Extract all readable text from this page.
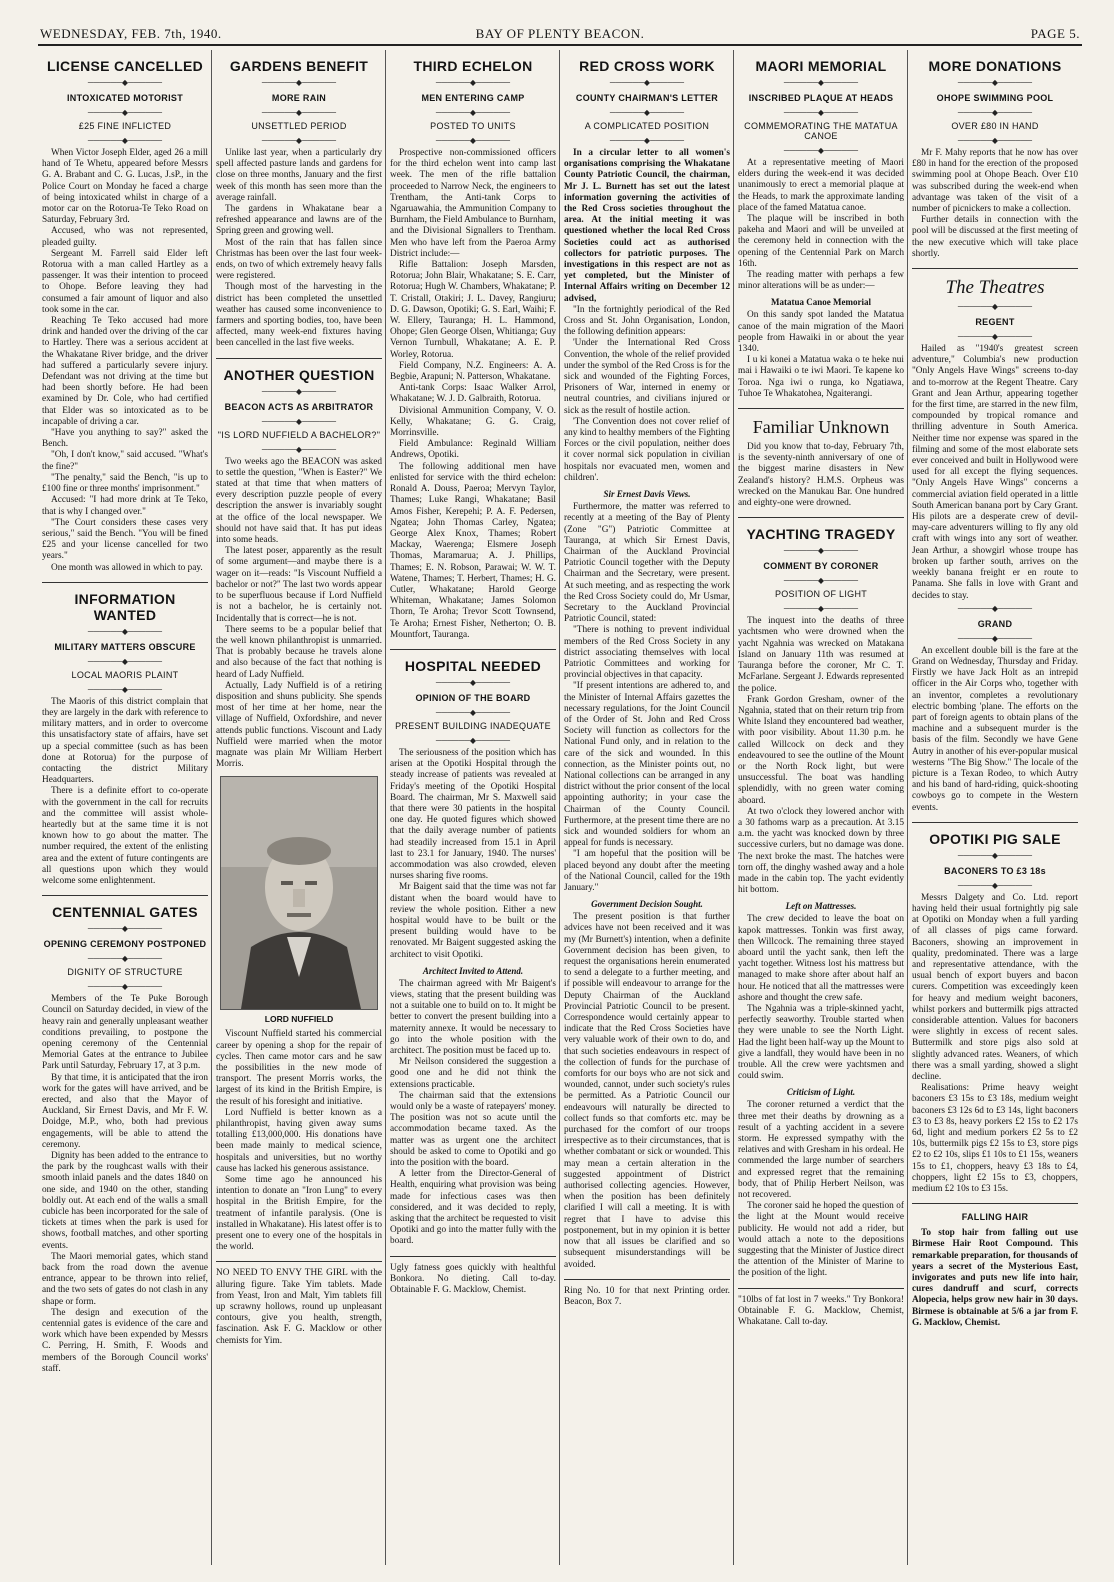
WEDNESDAY, FEB. 7th, 1940.	BAY OF PLENTY BEACON.	PAGE 5.
LICENSE CANCELLED
──────◆──────
INTOXICATED MOTORIST
──────◆──────
£25 FINE INFLICTED
──────◆──────

When Victor Joseph Elder, aged 26 a mill hand of Te Whetu, appeared before Messrs G. A. Brabant and C. G. Lucas, J.sP., in the Police Court on Monday he faced a charge of being intoxicated whilst in charge of a motor car on the Rotorua-Te Teko Road on Saturday, February 3rd.

Accused, who was not represented, pleaded guilty.

Sergeant M. Farrell said Elder left Rotorua with a man called Hartley as a passenger. It was their intention to proceed to Ohope. Before leaving they had consumed a fair amount of liquor and also took some in the car.

Reaching Te Teko accused had more drink and handed over the driving of the car to Hartley. There was a serious accident at the Whakatane River bridge, and the driver had suffered a particularly severe injury. Defendant was not driving at the time but had been shortly before. He had been examined by Dr. Cole, who had certified that Elder was so intoxicated as to be incapable of driving a car.

"Have you anything to say?" asked the Bench.

"Oh, I don't know," said accused. "What's the fine?"

"The penalty," said the Bench, "is up to £100 fine or three months' imprisonment."

Accused: "I had more drink at Te Teko, that is why I changed over."

"The Court considers these cases very serious," said the Bench. "You will be fined £25 and your license cancelled for two years."

One month was allowed in which to pay.

INFORMATION WANTED
──────◆──────
MILITARY MATTERS OBSCURE
──────◆──────
LOCAL MAORIS PLAINT
──────◆──────

The Maoris of this district complain that they are largely in the dark with reference to military matters, and in order to overcome this unsatisfactory state of affairs, have set up a special committee (such as has been done at Rotorua) for the purpose of contacting the district Military Headquarters.

There is a definite effort to co-operate with the government in the call for recruits and the committee will assist whole-heartedly but at the same time it is not known how to go about the matter. The number required, the extent of the enlisting area and the extent of future contingents are all questions upon which they would welcome some enlightenment.

CENTENNIAL GATES
──────◆──────
OPENING CEREMONY POSTPONED
──────◆──────
DIGNITY OF STRUCTURE
──────◆──────

Members of the Te Puke Borough Council on Saturday decided, in view of the heavy rain and generally unpleasant weather conditions prevailing, to postpone the opening ceremony of the Centennial Memorial Gates at the entrance to Jubilee Park until Saturday, February 17, at 3 p.m.

By that time, it is anticipated that the iron work for the gates will have arrived, and be erected, and also that the Mayor of Auckland, Sir Ernest Davis, and Mr F. W. Doidge, M.P., who, both had previous engagements, will be able to attend the ceremony.

Dignity has been added to the entrance to the park by the roughcast walls with their smooth inlaid panels and the dates 1840 on one side, and 1940 on the other, standing boldly out. At each end of the walls a small cubicle has been incorporated for the sale of tickets at times when the park is used for shows, football matches, and other sporting events.

The Maori memorial gates, which stand back from the road down the avenue entrance, appear to be thrown into relief, and the two sets of gates do not clash in any shape or form.

The design and execution of the centennial gates is evidence of the care and work which have been expended by Messrs C. Perring, H. Smith, F. Woods and members of the Borough Council works' staff.

GARDENS BENEFIT
──────◆──────
MORE RAIN
──────◆──────
UNSETTLED PERIOD
──────◆──────

Unlike last year, when a particularly dry spell affected pasture lands and gardens for close on three months, January and the first week of this month has seen more than the average rainfall.

The gardens in Whakatane bear a refreshed appearance and lawns are of the Spring green and growing well.

Most of the rain that has fallen since Christmas has been over the last four week-ends, on two of which extremely heavy falls were registered.

Though most of the harvesting in the district has been completed the unsettled weather has caused some inconvenience to farmers and sporting bodies, too, have been affected, many week-end fixtures having been cancelled in the last five weeks.

ANOTHER QUESTION
──────◆──────
BEACON ACTS AS ARBITRATOR
──────◆──────
"IS LORD NUFFIELD A BACHELOR?"
──────◆──────

Two weeks ago the BEACON was asked to settle the question, "When is Easter?" We stated at that time that when matters of every description puzzle people of every description the answer is invariably sought at the office of the local newspaper. We should not have said that. It has put ideas into some heads.

The latest poser, apparently as the result of some argument—and maybe there is a wager on it—reads: "Is Viscount Nuffield a bachelor or not?" The last two words appear to be superfluous because if Lord Nuffield is not a bachelor, he is certainly not. Incidentally that is correct—he is not.

There seems to be a popular belief that the well known philanthropist is unmarried. That is probably because he travels alone and also because of the fact that nothing is heard of Lady Nuffield.

Actually, Lady Nuffield is of a retiring disposition and shuns publicity. She spends most of her time at her home, near the village of Nuffield, Oxfordshire, and never attends public functions. Viscount and Lady Nuffield were married when the motor magnate was plain Mr William Herbert Morris.

LORD NUFFIELD

Viscount Nuffield started his commercial career by opening a shop for the repair of cycles. Then came motor cars and he saw the possibilities in the new mode of transport. The present Morris works, the largest of its kind in the British Empire, is the result of his foresight and initiative.

Lord Nuffield is better known as a philanthropist, having given away sums totalling £13,000,000. His donations have been made mainly to medical science, hospitals and universities, but no worthy cause has lacked his generous assistance.

Some time ago he announced his intention to donate an "Iron Lung" to every hospital in the British Empire, for the treatment of infantile paralysis. (One is installed in Whakatane). His latest offer is to present one to every one of the hospitals in the world.

NO NEED TO ENVY THE GIRL with the alluring figure. Take Yim tablets. Made from Yeast, Iron and Malt, Yim tablets fill up scrawny hollows, round up unpleasant contours, give you health, strength, fascination. Ask F. G. Macklow or other chemists for Yim.

THIRD ECHELON
──────◆──────
MEN ENTERING CAMP
──────◆──────
POSTED TO UNITS
──────◆──────

Prospective non-commissioned officers for the third echelon went into camp last week. The men of the rifle battalion proceeded to Narrow Neck, the engineers to Trentham, the Anti-tank Corps to Ngaruawahia, the Ammunition Company to Burnham, the Field Ambulance to Burnham, and the Divisional Signallers to Trentham. Men who have left from the Paeroa Army District include:—

Rifle Battalion: Joseph Marsden, Rotorua; John Blair, Whakatane; S. E. Carr, Rotorua; Hugh W. Chambers, Whakatane; P. T. Cristall, Otakiri; J. L. Davey, Rangiuru; D. G. Dawson, Opotiki; G. S. Earl, Waihi; F. W. Ellery, Tauranga; H. L. Hammond, Ohope; Glen George Olsen, Whitianga; Guy Vernon Turnbull, Whakatane; A. E. P. Worley, Rotorua.

Field Company, N.Z. Engineers: A. A. Begbie, Arapuni; N. Patterson, Whakatane.

Anti-tank Corps: Isaac Walker Arrol, Whakatane; W. J. D. Galbraith, Rotorua.

Divisional Ammunition Company, V. O. Kelly, Whakatane; G. G. Craig, Morrinsville.

Field Ambulance: Reginald William Andrews, Opotiki.

The following additional men have enlisted for service with the third echelon: Ronald A. Douss, Paeroa; Mervyn Taylor, Thames; Luke Rangi, Whakatane; Basil Amos Fisher, Kerepehi; P. A. F. Pedersen, Ngatea; John Thomas Carley, Ngatea; George Alex Knox, Thames; Robert Mackay, Waerenga; Elsmere Joseph Thomas, Maramarua; A. J. Phillips, Thames; E. N. Robson, Parawai; W. W. T. Watene, Thames; T. Herbert, Thames; H. G. Cutler, Whakatane; Harold George Whiteman, Whakatane; James Solomon Thorn, Te Aroha; Trevor Scott Townsend, Te Aroha; Ernest Fisher, Netherton; O. B. Mountfort, Tauranga.

HOSPITAL NEEDED
──────◆──────
OPINION OF THE BOARD
──────◆──────
PRESENT BUILDING INADEQUATE
──────◆──────

The seriousness of the position which has arisen at the Opotiki Hospital through the steady increase of patients was revealed at Friday's meeting of the Opotiki Hospital Board. The chairman, Mr S. Maxwell said that there were 30 patients in the hospital one day. He quoted figures which showed that the daily average number of patients had steadily increased from 15.1 in April last to 23.1 for January, 1940. The nurses' accommodation was also crowded, eleven nurses sharing five rooms.

Mr Baigent said that the time was not far distant when the board would have to review the whole position. Either a new hospital would have to be built or the present building would have to be renovated. Mr Baigent suggested asking the architect to visit Opotiki.

Architect Invited to Attend.

The chairman agreed with Mr Baigent's views, stating that the present building was not a suitable one to build on to. It might be better to convert the present building into a maternity annexe. It would be necessary to go into the whole position with the architect. The position must be faced up to.

Mr Neilson considered the suggestion a good one and he did not think the extensions practicable.

The chairman said that the extensions would only be a waste of ratepayers' money. The position was not so acute until the accommodation became taxed. As the matter was as urgent one the architect should be asked to come to Opotiki and go into the position with the board.

A letter from the Director-General of Health, enquiring what provision was being made for infectious cases was then considered, and it was decided to reply, asking that the architect be requested to visit Opotiki and go into the matter fully with the board.

Ugly fatness goes quickly with healthful Bonkora. No dieting. Call to-day. Obtainable F. G. Macklow, Chemist.

RED CROSS WORK
──────◆──────
COUNTY CHAIRMAN'S LETTER
──────◆──────
A COMPLICATED POSITION
──────◆──────

In a circular letter to all women's organisations comprising the Whakatane County Patriotic Council, the chairman, Mr J. L. Burnett has set out the latest information governing the activities of the Red Cross societies throughout the area. At the initial meeting it was questioned whether the local Red Cross Societies could act as authorised collectors for patriotic purposes. The investigations in this respect are not as yet completed, but the Minister of Internal Affairs writing on December 12 advised,

"In the fortnightly periodical of the Red Cross and St. John Organisation, London, the following definition appears:

'Under the International Red Cross Convention, the whole of the relief provided under the symbol of the Red Cross is for the sick and wounded of the Fighting Forces, Prisoners of War, interned in enemy or neutral countries, and civilians injured or sick as the result of hostile action.

'The Convention does not cover relief of any kind to healthy members of the Fighting Forces or the civil population, neither does it cover normal sick population in civilian hospitals nor evacuated men, women and children'.

Sir Ernest Davis Views.

Furthermore, the matter was referred to recently at a meeting of the Bay of Plenty (Zone "G") Patriotic Committee at Tauranga, at which Sir Ernest Davis, Chairman of the Auckland Provincial Patriotic Council together with the Deputy Chairman and the Secretary, were present. At such meeting, and as respecting the work the Red Cross Society could do, Mr Usmar, Secretary to the Auckland Provincial Patriotic Council, stated:

"There is nothing to prevent individual members of the Red Cross Society in any district associating themselves with local Patriotic Committees and working for provincial objectives in that capacity.

"If present intentions are adhered to, and the Minister of Internal Affairs gazettes the necessary regulations, for the Joint Council of the Order of St. John and Red Cross Society will function as collectors for the National Fund only, and in relation to the care of the sick and wounded. In this connection, as the Minister points out, no National collections can be arranged in any district without the prior consent of the local appointing authority; in your case the Chairman of the County Council. Furthermore, at the present time there are no sick and wounded soldiers for whom an appeal for funds is necessary.

"I am hopeful that the position will be placed beyond any doubt after the meeting of the National Council, called for the 19th January."

Government Decision Sought.

The present position is that further advices have not been received and it was my (Mr Burnett's) intention, when a definite Government decision has been given, to request the organisations herein enumerated to send a delegate to a further meeting, and if possible will endeavour to arrange for the Deputy Chairman of the Auckland Provincial Patriotic Council to be present. Correspondence would certainly appear to indicate that the Red Cross Societies have very valuable work of their own to do, and that such societies endeavours in respect of the collection of funds for the purchase of comforts for our boys who are not sick and wounded, cannot, under such society's rules be permitted. As a Patriotic Council our endeavours will naturally be directed to collect funds so that comforts etc. may be purchased for the comfort of our troops irrespective as to their circumstances, that is whether combatant or sick or wounded. This may mean a certain alteration in the suggested appointment of District authorised collecting agencies. However, when the position has been definitely clarified I will call a meeting. It is with regret that I have to advise this postponement, but in my opinion it is better now that all issues be clarified and so subsequent misunderstandings will be avoided.

Ring No. 10 for that next Printing order. Beacon, Box 7.

MAORI MEMORIAL
──────◆──────
INSCRIBED PLAQUE AT HEADS
──────◆──────
COMMEMORATING THE MATATUA CANOE
──────◆──────

At a representative meeting of Maori elders during the week-end it was decided unanimously to erect a memorial plaque at the Heads, to mark the approximate landing place of the famed Matatua canoe.

The plaque will be inscribed in both pakeha and Maori and will be unveiled at the ceremony held in connection with the opening of the Centennial Park on March 16th.

The reading matter with perhaps a few minor alterations will be as under:—

Matatua Canoe Memorial

On this sandy spot landed the Matatua canoe of the main migration of the Maori people from Hawaiki in or about the year 1340.

I u ki konei a Matatua waka o te heke nui mai i Hawaiki o te iwi Maori. Te kapene ko Toroa. Nga iwi o runga, ko Ngatiawa, Tuhoe Te Whakatohea, Ngaiterangi.

Familiar Unknown

Did you know that to-day, February 7th, is the seventy-ninth anniversary of one of the biggest marine disasters in New Zealand's history? H.M.S. Orpheus was wrecked on the Manukau Bar. One hundred and eighty-one were drowned.

YACHTING TRAGEDY
──────◆──────
COMMENT BY CORONER
──────◆──────
POSITION OF LIGHT
──────◆──────

The inquest into the deaths of three yachtsmen who were drowned when the yacht Ngahnia was wrecked on Matakana Island on January 11th was resumed at Tauranga before the coroner, Mr C. T. McFarlane. Sergeant J. Edwards represented the police.

Frank Gordon Gresham, owner of the Ngahnia, stated that on their return trip from White Island they encountered bad weather, with poor visibility. About 11.30 p.m. he called Willcock on deck and they endeavoured to see the outline of the Mount or the North Rock light, but were unsuccessful. The boat was handling splendidly, with no green water coming aboard.

At two o'clock they lowered anchor with a 30 fathoms warp as a precaution. At 3.15 a.m. the yacht was knocked down by three successive curlers, but no damage was done. The next broke the mast. The hatches were torn off, the dinghy washed away and a hole made in the cabin top. The yacht evidently hit bottom.

Left on Mattresses.

The crew decided to leave the boat on kapok mattresses. Tonkin was first away, then Willcock. The remaining three stayed aboard until the yacht sank, then left the yacht together. Witness lost his mattress but managed to make shore after about half an hour. He noticed that all the mattresses were ashore and thought the crew safe.

The Ngahnia was a triple-skinned yacht, perfectly seaworthy. Trouble started when they were unable to see the North Light. Had the light been half-way up the Mount to give a landfall, they would have been in no trouble. All the crew were yachtsmen and could swim.

Criticism of Light.

The coroner returned a verdict that the three met their deaths by drowning as a result of a yachting accident in a severe storm. He expressed sympathy with the relatives and with Gresham in his ordeal. He commended the large number of searchers and expressed regret that the remaining body, that of Philip Herbert Neilson, was not recovered.

The coroner said he hoped the question of the light at the Mount would receive publicity. He would not add a rider, but would attach a note to the depositions suggesting that the Minister of Justice direct the attention of the Minister of Marine to the position of the light.

"10lbs of fat lost in 7 weeks." Try Bonkora! Obtainable F. G. Macklow, Chemist, Whakatane. Call to-day.

MORE DONATIONS
──────◆──────
OHOPE SWIMMING POOL
──────◆──────
OVER £80 IN HAND
──────◆──────

Mr F. Mahy reports that he now has over £80 in hand for the erection of the proposed swimming pool at Ohope Beach. Over £10 was subscribed during the week-end when advantage was taken of the visit of a number of picnickers to make a collection.

Further details in connection with the pool will be discussed at the first meeting of the new executive which will take place shortly.

The Theatres
──────◆──────
REGENT
──────◆──────

Hailed as "1940's greatest screen adventure," Columbia's new production "Only Angels Have Wings" screens to-day and to-morrow at the Regent Theatre. Cary Grant and Jean Arthur, appearing together for the first time, are starred in the new film, compounded by tropical romance and thrilling adventure in South America. Neither time nor expense was spared in the filming and some of the most elaborate sets ever conceived and built in Hollywood were used for all except the flying sequences. "Only Angels Have Wings" concerns a commercial aviation field operated in a little South American banana port by Cary Grant. His pilots are a desperate crew of devil-may-care adventurers willing to fly any old craft with wings into any sort of weather. Jean Arthur, a showgirl whose troupe has broken up farther south, arrives on the weekly banana freight er en route to Panama. She falls in love with Grant and decides to stay.

──────◆──────
GRAND
──────◆──────

An excellent double bill is the fare at the Grand on Wednesday, Thursday and Friday. Firstly we have Jack Holt as an intrepid officer in the Air Corps who, together with an inventor, completes a revolutionary electric bombing 'plane. The efforts on the part of foreign agents to obtain plans of the machine and a subsequent murder is the basis of the film. Secondly we have Gene Autry in another of his ever-popular musical westerns "The Big Show." The locale of the picture is a Texan Rodeo, to which Autry and his band of hard-riding, quick-shooting cowboys go to compete in the Western events.

OPOTIKI PIG SALE
──────◆──────
BACONERS TO £3 18s
──────◆──────

Messrs Dalgety and Co. Ltd. report having held their usual fortnightly pig sale at Opotiki on Monday when a full yarding of all classes of pigs came forward. Baconers, showing an improvement in quality, predominated. There was a large and representative attendance, with the usual bench of export buyers and bacon curers. Competition was exceedingly keen for heavy and medium weight baconers, whilst porkers and buttermilk pigs attracted considerable attention. Values for baconers were slightly in excess of recent sales. Buttermilk and store pigs also sold at slightly advanced rates. Weaners, of which there was a small yarding, showed a slight decline.

Realisations: Prime heavy weight baconers £3 15s to £3 18s, medium weight baconers £3 12s 6d to £3 14s, light baconers £3 to £3 8s, heavy porkers £2 15s to £2 17s 6d, light and medium porkers £2 5s to £2 10s, buttermilk pigs £2 15s to £3, store pigs £2 to £2 10s, slips £1 10s to £1 15s, weaners 15s to £1, choppers, heavy £3 18s to £4, choppers, light £2 15s to £3, choppers, medium £2 10s to £3 15s.

FALLING HAIR

To stop hair from falling out use Birmese Hair Root Compound. This remarkable preparation, for thousands of years a secret of the Mysterious East, invigorates and puts new life into hair, cures dandruff and scurf, corrects Alopecia, helps grow new hair in 30 days. Birmese is obtainable at 5/6 a jar from F. G. Macklow, Chemist.
